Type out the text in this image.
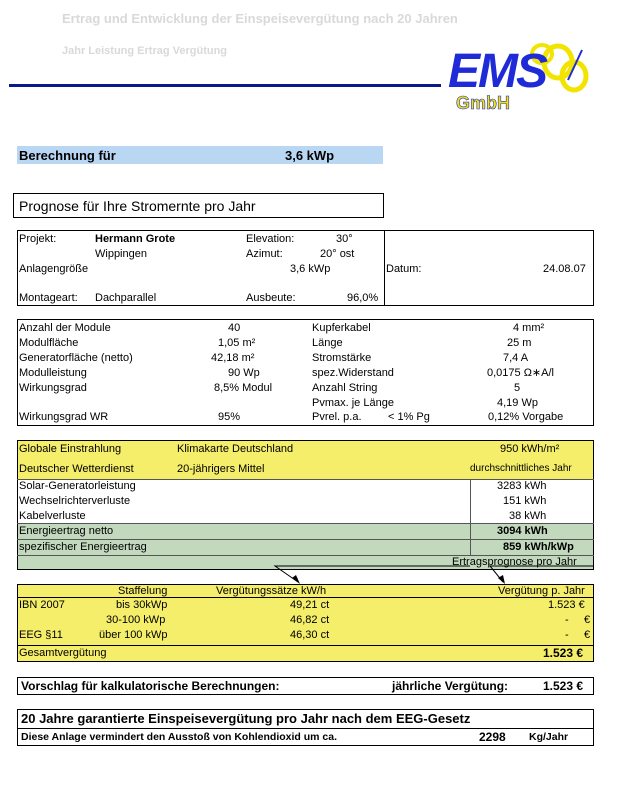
Ertrag und Entwicklung der Einspeisevergütung nach 20 Jahren
Jahr Leistung Ertrag Vergütung	EMS
GmbH
Berechnung für	3,6 kWp
Prognose für Ihre Stromernte pro Jahr
Projekt:	Hermann Grote
Wippingen
Elevation:	30°
Azimut:	20° ost
Anlagengröße	3,6 kWp	Datum:	24.08.07
Montageart: Dachparallel	Ausbeute:	96,0%
Anzahl der Module	40
Modulfläche	1,05 m²
Generatorfläche (netto)	42,18 m²
Modulleistung	90 Wp
Wirkungsgrad	8,5% Modul
Wirkungsgrad WR	95%
Kupferkabel	4 mm²
Länge	25 m
Stromstärke	7,4 A
spez.Widerstand	0,0175 Ω∗A/l
Anzahl String	5
Pvmax. je Länge	4,19 Wp
Pvrel. p.a. < 1% Pg	0,12% Vorgabe
Globale Einstrahlung	Klimakarte Deutschland	950 kWh/m²
Deutscher Wetterdienst	20-jährigers Mittel	durchschnittliches Jahr
Solar-Generatorleistung	3283 kWh
Wechselrichterverluste	151 kWh
Kabelverluste	38 kWh
Energieertrag netto	3094 kWh
spezifischer Energieertrag	859 kWh/kWp
Ertragsprognose pro Jahr
Staffelung	Vergütungssätze kW/h	Vergütung p. Jahr
IBN 2007	bis 30kWp	49,21 ct	1.523 €
30-100 kWp	46,82 ct	-     €
EEG §11	über 100 kWp	46,30 ct	-     €
Gesamtvergütung	1.523 €
Vorschlag für kalkulatorische Berechnungen:	jährliche Vergütung:	1.523 €
20 Jahre garantierte Einspeisevergütung pro Jahr nach dem EEG-Gesetz
Diese Anlage vermindert den Ausstoß von Kohlendioxid um ca.	2298 Kg/Jahr
